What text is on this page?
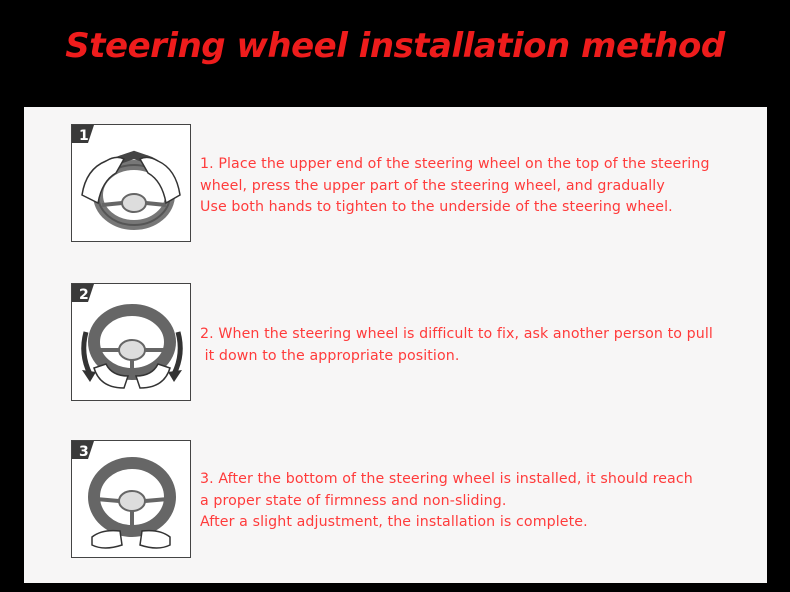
Steering wheel installation method
1
1. Place the upper end of the steering wheel on the top of the steering
wheel, press the upper part of the steering wheel, and gradually
Use both hands to tighten to the underside of the steering wheel.
2
2. When the steering wheel is difficult to fix, ask another person to pull
it down to the appropriate position.
3
3. After the bottom of the steering wheel is installed, it should reach
a proper state of firmness and non-sliding.
After a slight adjustment, the installation is complete.
